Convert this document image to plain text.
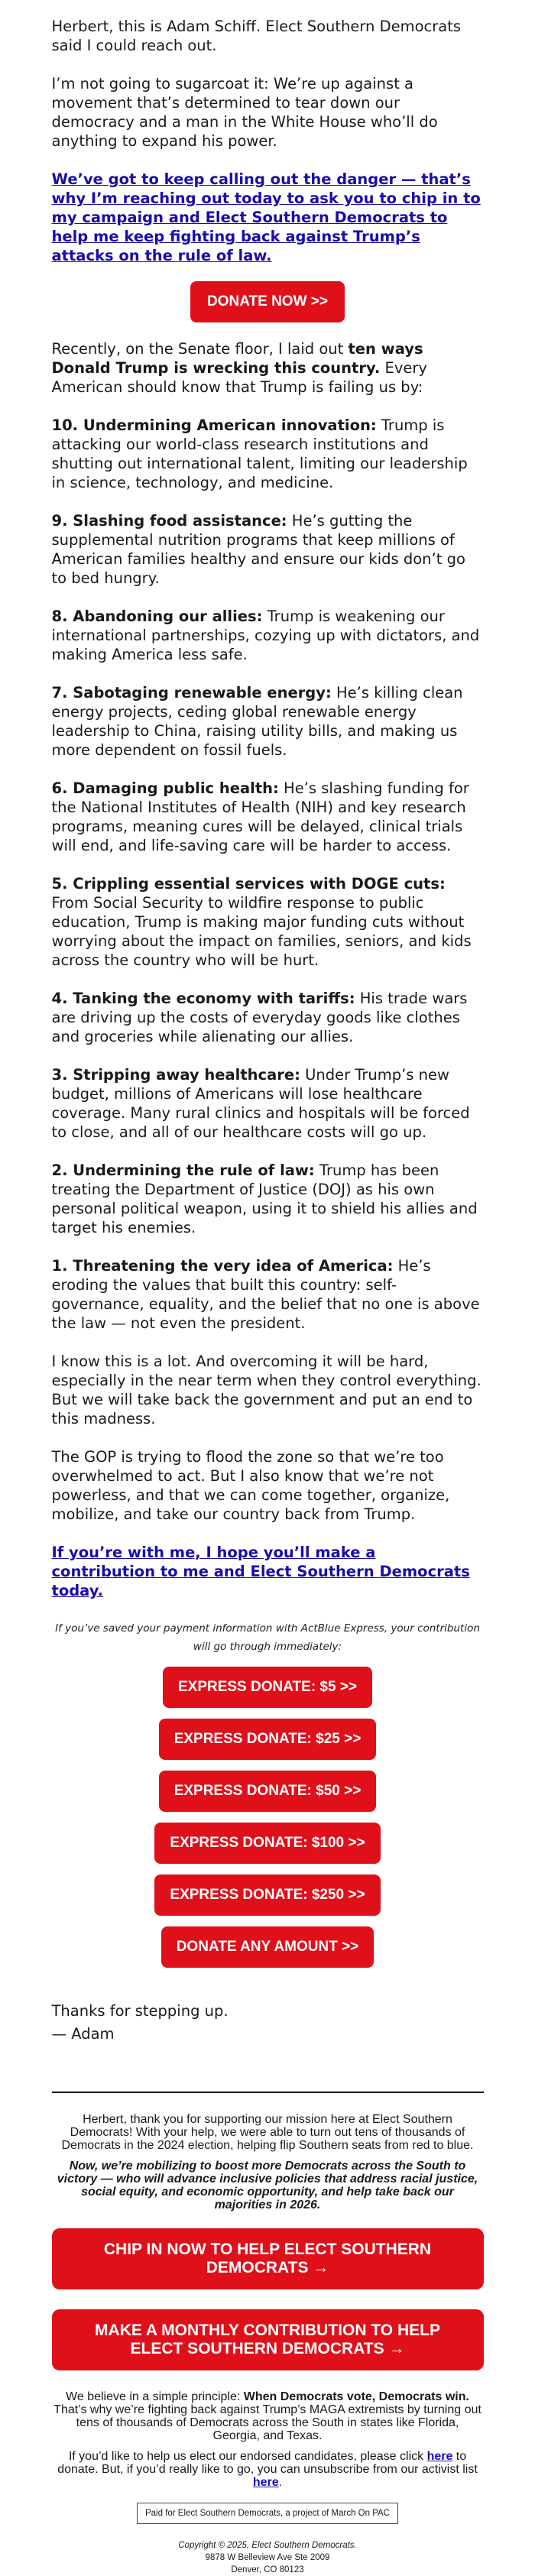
Herbert, this is Adam Schiff. Elect Southern Democrats said I could reach out.

I’m not going to sugarcoat it: We’re up against a movement that’s determined to tear down our democracy and a man in the White House who’ll do anything to expand his power.

We’ve got to keep calling out the danger — that’s why I’m reaching out today to ask you to chip in to my campaign and Elect Southern Democrats to help me keep fighting back against Trump’s attacks on the rule of law.

DONATE NOW >>

Recently, on the Senate floor, I laid out ten ways Donald Trump is wrecking this country. Every American should know that Trump is failing us by:

10. Undermining American innovation: Trump is attacking our world-class research institutions and shutting out international talent, limiting our leadership in science, technology, and medicine.

9. Slashing food assistance: He’s gutting the supplemental nutrition programs that keep millions of American families healthy and ensure our kids don’t go to bed hungry.

8. Abandoning our allies: Trump is weakening our international partnerships, cozying up with dictators, and making America less safe.

7. Sabotaging renewable energy: He’s killing clean energy projects, ceding global renewable energy leadership to China, raising utility bills, and making us more dependent on fossil fuels.

6. Damaging public health: He’s slashing funding for the National Institutes of Health (NIH) and key research programs, meaning cures will be delayed, clinical trials will end, and life-saving care will be harder to access.

5. Crippling essential services with DOGE cuts: From Social Security to wildfire response to public education, Trump is making major funding cuts without worrying about the impact on families, seniors, and kids across the country who will be hurt.

4. Tanking the economy with tariffs: His trade wars are driving up the costs of everyday goods like clothes and groceries while alienating our allies.

3. Stripping away healthcare: Under Trump’s new budget, millions of Americans will lose healthcare coverage. Many rural clinics and hospitals will be forced to close, and all of our healthcare costs will go up.

2. Undermining the rule of law: Trump has been treating the Department of Justice (DOJ) as his own personal political weapon, using it to shield his allies and target his enemies.

1. Threatening the very idea of America: He’s eroding the values that built this country: self-governance, equality, and the belief that no one is above the law — not even the president.

I know this is a lot. And overcoming it will be hard, especially in the near term when they control everything. But we will take back the government and put an end to this madness.

The GOP is trying to flood the zone so that we’re too overwhelmed to act. But I also know that we’re not powerless, and that we can come together, organize, mobilize, and take our country back from Trump.

If you’re with me, I hope you’ll make a contribution to me and Elect Southern Democrats today.

If you’ve saved your payment information with ActBlue Express, your contribution will go through immediately:
EXPRESS DONATE: $5 >>
EXPRESS DONATE: $25 >>
EXPRESS DONATE: $50 >>
EXPRESS DONATE: $100 >>
EXPRESS DONATE: $250 >>
DONATE ANY AMOUNT >>
Thanks for stepping up.
— Adam

Herbert, thank you for supporting our mission here at Elect Southern Democrats! With your help, we were able to turn out tens of thousands of Democrats in the 2024 election, helping flip Southern seats from red to blue.

Now, we’re mobilizing to boost more Democrats across the South to victory — who will advance inclusive policies that address racial justice, social equity, and economic opportunity, and help take back our majorities in 2026.

CHIP IN NOW TO HELP ELECT SOUTHERN DEMOCRATS →
MAKE A MONTHLY CONTRIBUTION TO HELP ELECT SOUTHERN DEMOCRATS →

We believe in a simple principle: When Democrats vote, Democrats win. That’s why we’re fighting back against Trump’s MAGA extremists by turning out tens of thousands of Democrats across the South in states like Florida, Georgia, and Texas.

If you’d like to help us elect our endorsed candidates, please click here to donate. But, if you’d really like to go, you can unsubscribe from our activist list here.

Paid for Elect Southern Democrats, a project of March On PAC
Copyright © 2025, Elect Southern Democrats.
9878 W Belleview Ave Ste 2009
Denver, CO 80123
